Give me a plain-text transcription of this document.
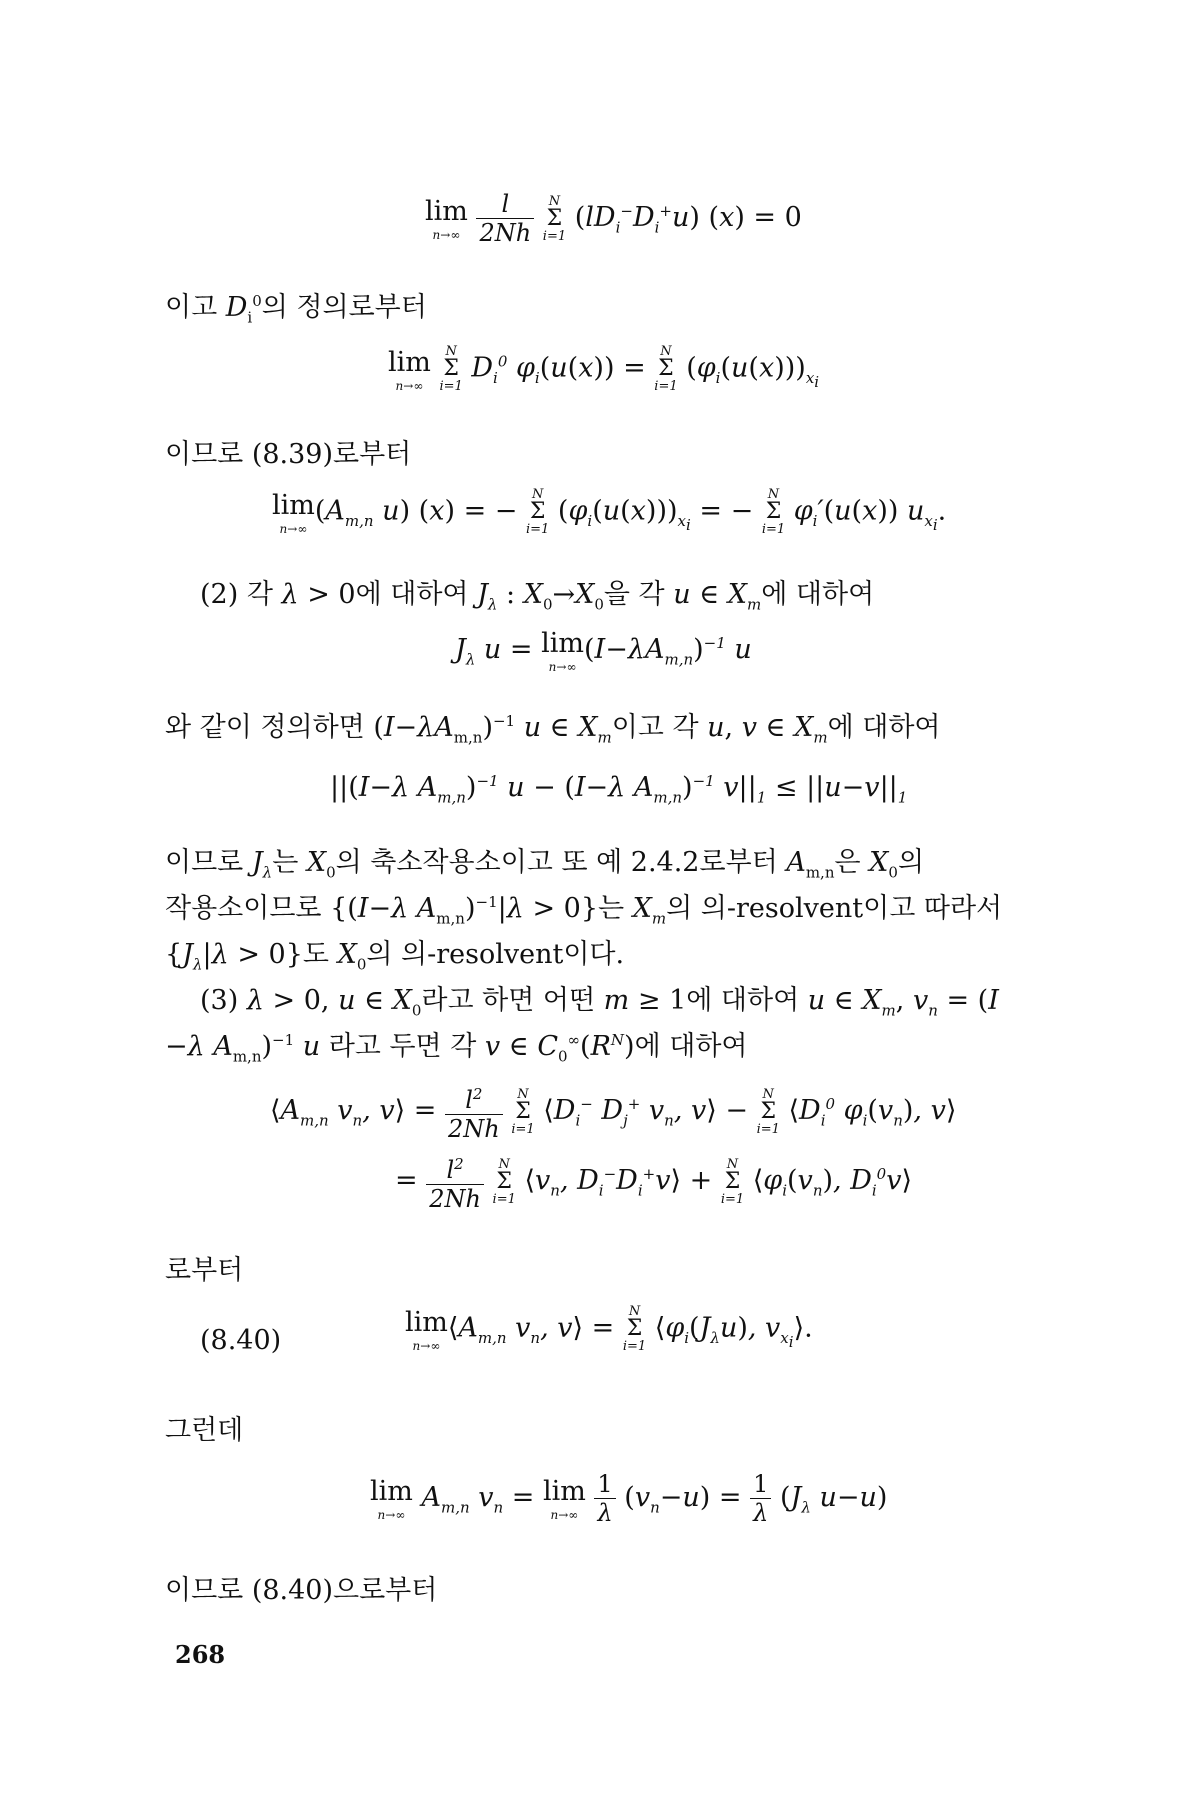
lim
n→∞
$\frac{l}{2Nh}$
	N
Σ
i=1
$(lD_i^-D_i^+u) (x) = 0$
이고 $D_i^0$의 정의로부터
lim
n→∞

N
Σ
i=1
$D_i^0$ $\varphi_i(u(x))$ =
N
Σ
i=1
$(\varphi_i(u(x)))_{x_i}$
이므로 (8.39)로부터
lim
n→∞
($A_{m,n}$ u) (x) = −
N
Σ
i=1
$(\varphi_i(u(x)))_{x_i}$ = −
N
Σ
i=1
$\varphi_i'(u(x))$ $u_{x_i}$.
(2) 각 λ > 0에 대하여 $J_\lambda$ : $X_0\to X_0$을 각 u ∈ $X_m$에 대하여
$J_\lambda$ u = lim
n→∞
$(I-\lambda A_{m,n})^{-1}$ u
와 같이 정의하면 $(I-\lambda A_{m,n})^{-1}$ u ∈ $X_m$이고 각 u, v ∈ $X_m$에 대하여
||(I−λ $A_{m,n})^{-1}$ u − (I−λ $A_{m,n})^{-1}$ $v||_1 \le ||u-v||_1$
이므로 $J_\lambda$는 $X_0$의 축소작용소이고 또 예 2.4.2로부터 $A_{m,n}$은 $X_0$의
작용소이므로 {(I−λ $A_{m,n})^{-1}|\lambda > 0$}는 $X_m$의 의-resolvent이고 따라서
$\{J_\lambda|\lambda > 0\}$도 $X_0$의 의-resolvent이다.
(3) λ > 0, u ∈ $X_0$라고 하면 어떤 m ≥ 1에 대하여 u ∈ $X_m$, $v_n = (I$
−λ $A_{m,n})^{-1}$ u 라고 두면 각 v ∈ $C_0^\infty(R^N)$에 대하여
$⟨A_{m,n}$ $v_n$, v⟩ = $\frac{l^2}{2Nh}$
	N
Σ
i=1
$⟨D_i^-$ $D_j^+$ $v_n$, v⟩ −
N
Σ
i=1
$⟨D_i^0$ $\varphi_i(v_n)$, v⟩
= $\frac{l^2}{2Nh}$
	N
Σ
i=1
$⟨v_n$, $D_i^-D_i^+v⟩$ +
N
Σ
i=1
$⟨\varphi_i(v_n)$, $D_i^0v⟩$
로부터
(8.40)
lim
n→∞
$⟨A_{m,n}$ $v_n$, v⟩ =
N
Σ
i=1
$⟨\varphi_i(J_\lambda u)$, $v_{x_i}⟩$.
그런데
lim
n→∞
$A_{m,n}$ $v_n = \lim$
n→∞
$\frac{1}{\lambda} (v_n-u) = \frac{1}{\lambda} (J_\lambda$ u−u)
이므로 (8.40)으로부터
268
